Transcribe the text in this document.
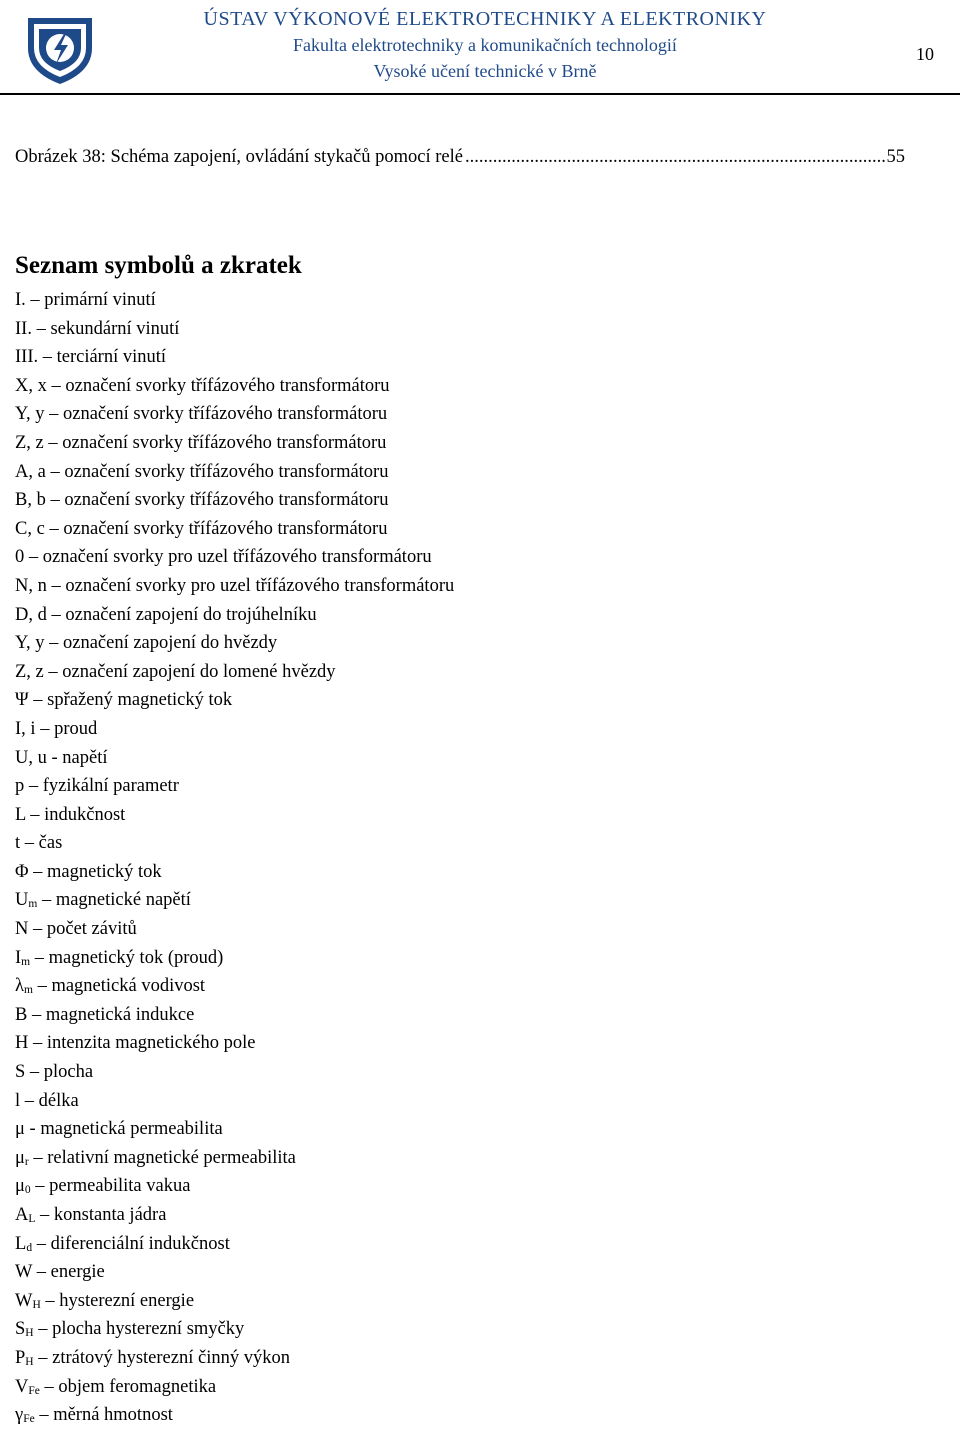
ÚSTAV VÝKONOVÉ ELEKTROTECHNIKY A ELEKTRONIKY
Fakulta elektrotechniky a komunikačních technologií
Vysoké učení technické v Brně
10
Obrázek 38: Schéma zapojení, ovládání stykačů pomocí relé
.....	55
Seznam symbolů a zkratek
I. – primární vinutí
II. – sekundární vinutí
III. – terciární vinutí
X, x – označení svorky třífázového transformátoru
Y, y – označení svorky třífázového transformátoru
Z, z – označení svorky třífázového transformátoru
A, a – označení svorky třífázového transformátoru
B, b – označení svorky třífázového transformátoru
C, c – označení svorky třífázového transformátoru
0 – označení svorky pro uzel třífázového transformátoru
N, n – označení svorky pro uzel třífázového transformátoru
D, d – označení zapojení do trojúhelníku
Y, y – označení zapojení do hvězdy
Z, z – označení zapojení do lomené hvězdy
Ψ – spřažený magnetický tok
I, i – proud
U, u - napětí
p – fyzikální parametr
L – indukčnost
t – čas
Φ – magnetický tok
$U_m$ – magnetické napětí
N – počet závitů
$I_m$ – magnetický tok (proud)
$\lambda_m$ – magnetická vodivost
B – magnetická indukce
H – intenzita magnetického pole
S – plocha
l – délka
μ - magnetická permeabilita
$\mu_r$ – relativní magnetické permeabilita
$\mu_0$ – permeabilita vakua
$A_L$ – konstanta jádra
$L_d$ – diferenciální indukčnost
W – energie
$W_H$ – hysterezní energie
$S_H$ – plocha hysterezní smyčky
$P_H$ – ztrátový hysterezní činný výkon
$V_{Fe}$ – objem feromagnetika
$\gamma_{Fe}$ – měrná hmotnost
